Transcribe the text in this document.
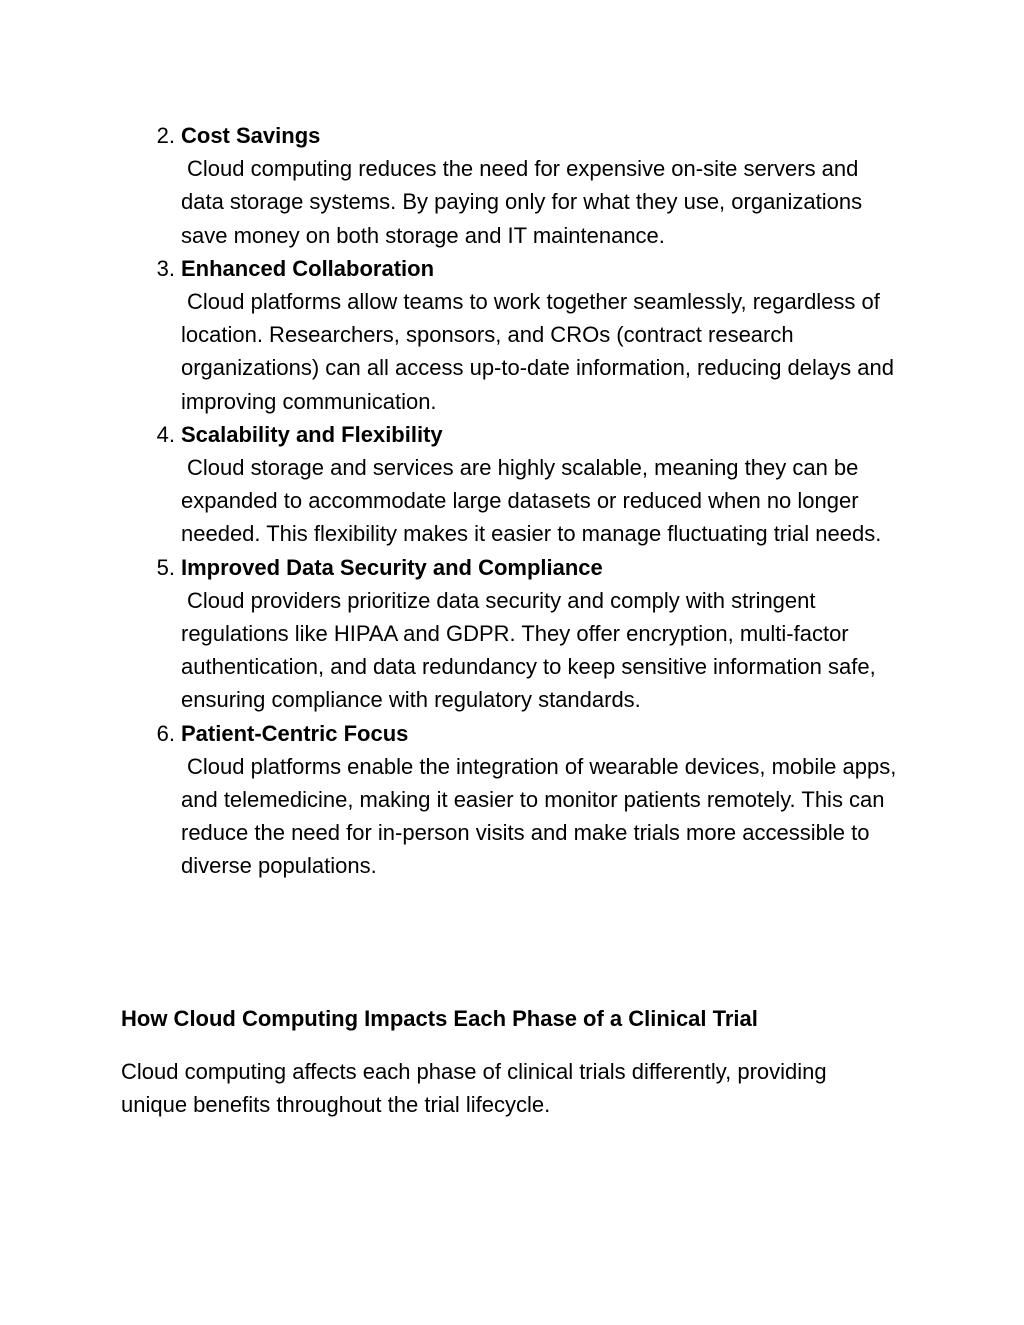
2. Cost Savings
Cloud computing reduces the need for expensive on-site servers and data storage systems. By paying only for what they use, organizations save money on both storage and IT maintenance.
3. Enhanced Collaboration
Cloud platforms allow teams to work together seamlessly, regardless of location. Researchers, sponsors, and CROs (contract research organizations) can all access up-to-date information, reducing delays and improving communication.
4. Scalability and Flexibility
Cloud storage and services are highly scalable, meaning they can be expanded to accommodate large datasets or reduced when no longer needed. This flexibility makes it easier to manage fluctuating trial needs.
5. Improved Data Security and Compliance
Cloud providers prioritize data security and comply with stringent regulations like HIPAA and GDPR. They offer encryption, multi-factor authentication, and data redundancy to keep sensitive information safe, ensuring compliance with regulatory standards.
6. Patient-Centric Focus
Cloud platforms enable the integration of wearable devices, mobile apps, and telemedicine, making it easier to monitor patients remotely. This can reduce the need for in-person visits and make trials more accessible to diverse populations.
How Cloud Computing Impacts Each Phase of a Clinical Trial
Cloud computing affects each phase of clinical trials differently, providing unique benefits throughout the trial lifecycle.
